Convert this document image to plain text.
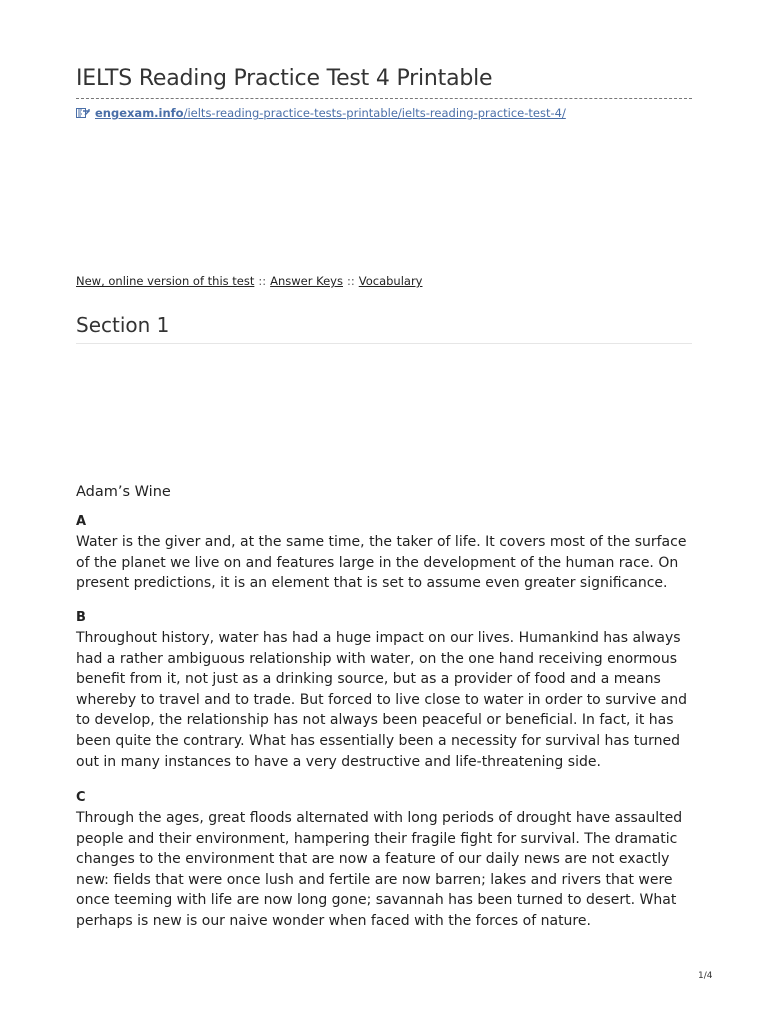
IELTS Reading Practice Test 4 Printable
engexam.info /ielts-reading-practice-tests-printable/ielts-reading-practice-test-4/
New, online version of this test :: Answer Keys :: Vocabulary
Section 1
Adam’s Wine
A

Water is the giver and, at the same time, the taker of life. It covers most of the surface of the planet we live on and features large in the development of the human race. On present predictions, it is an element that is set to assume even greater significance.

B

Throughout history, water has had a huge impact on our lives. Humankind has always had a rather ambiguous relationship with water, on the one hand receiving enormous benefit from it, not just as a drinking source, but as a provider of food and a means whereby to travel and to trade. But forced to live close to water in order to survive and to develop, the relationship has not always been peaceful or beneficial. In fact, it has been quite the contrary. What has essentially been a necessity for survival has turned out in many instances to have a very destructive and life-threatening side.

C

Through the ages, great floods alternated with long periods of drought have assaulted people and their environment, hampering their fragile fight for survival. The dramatic changes to the environment that are now a feature of our daily news are not exactly new: fields that were once lush and fertile are now barren; lakes and rivers that were once teeming with life are now long gone; savannah has been turned to desert. What perhaps is new is our naive wonder when faced with the forces of nature.

1/4
